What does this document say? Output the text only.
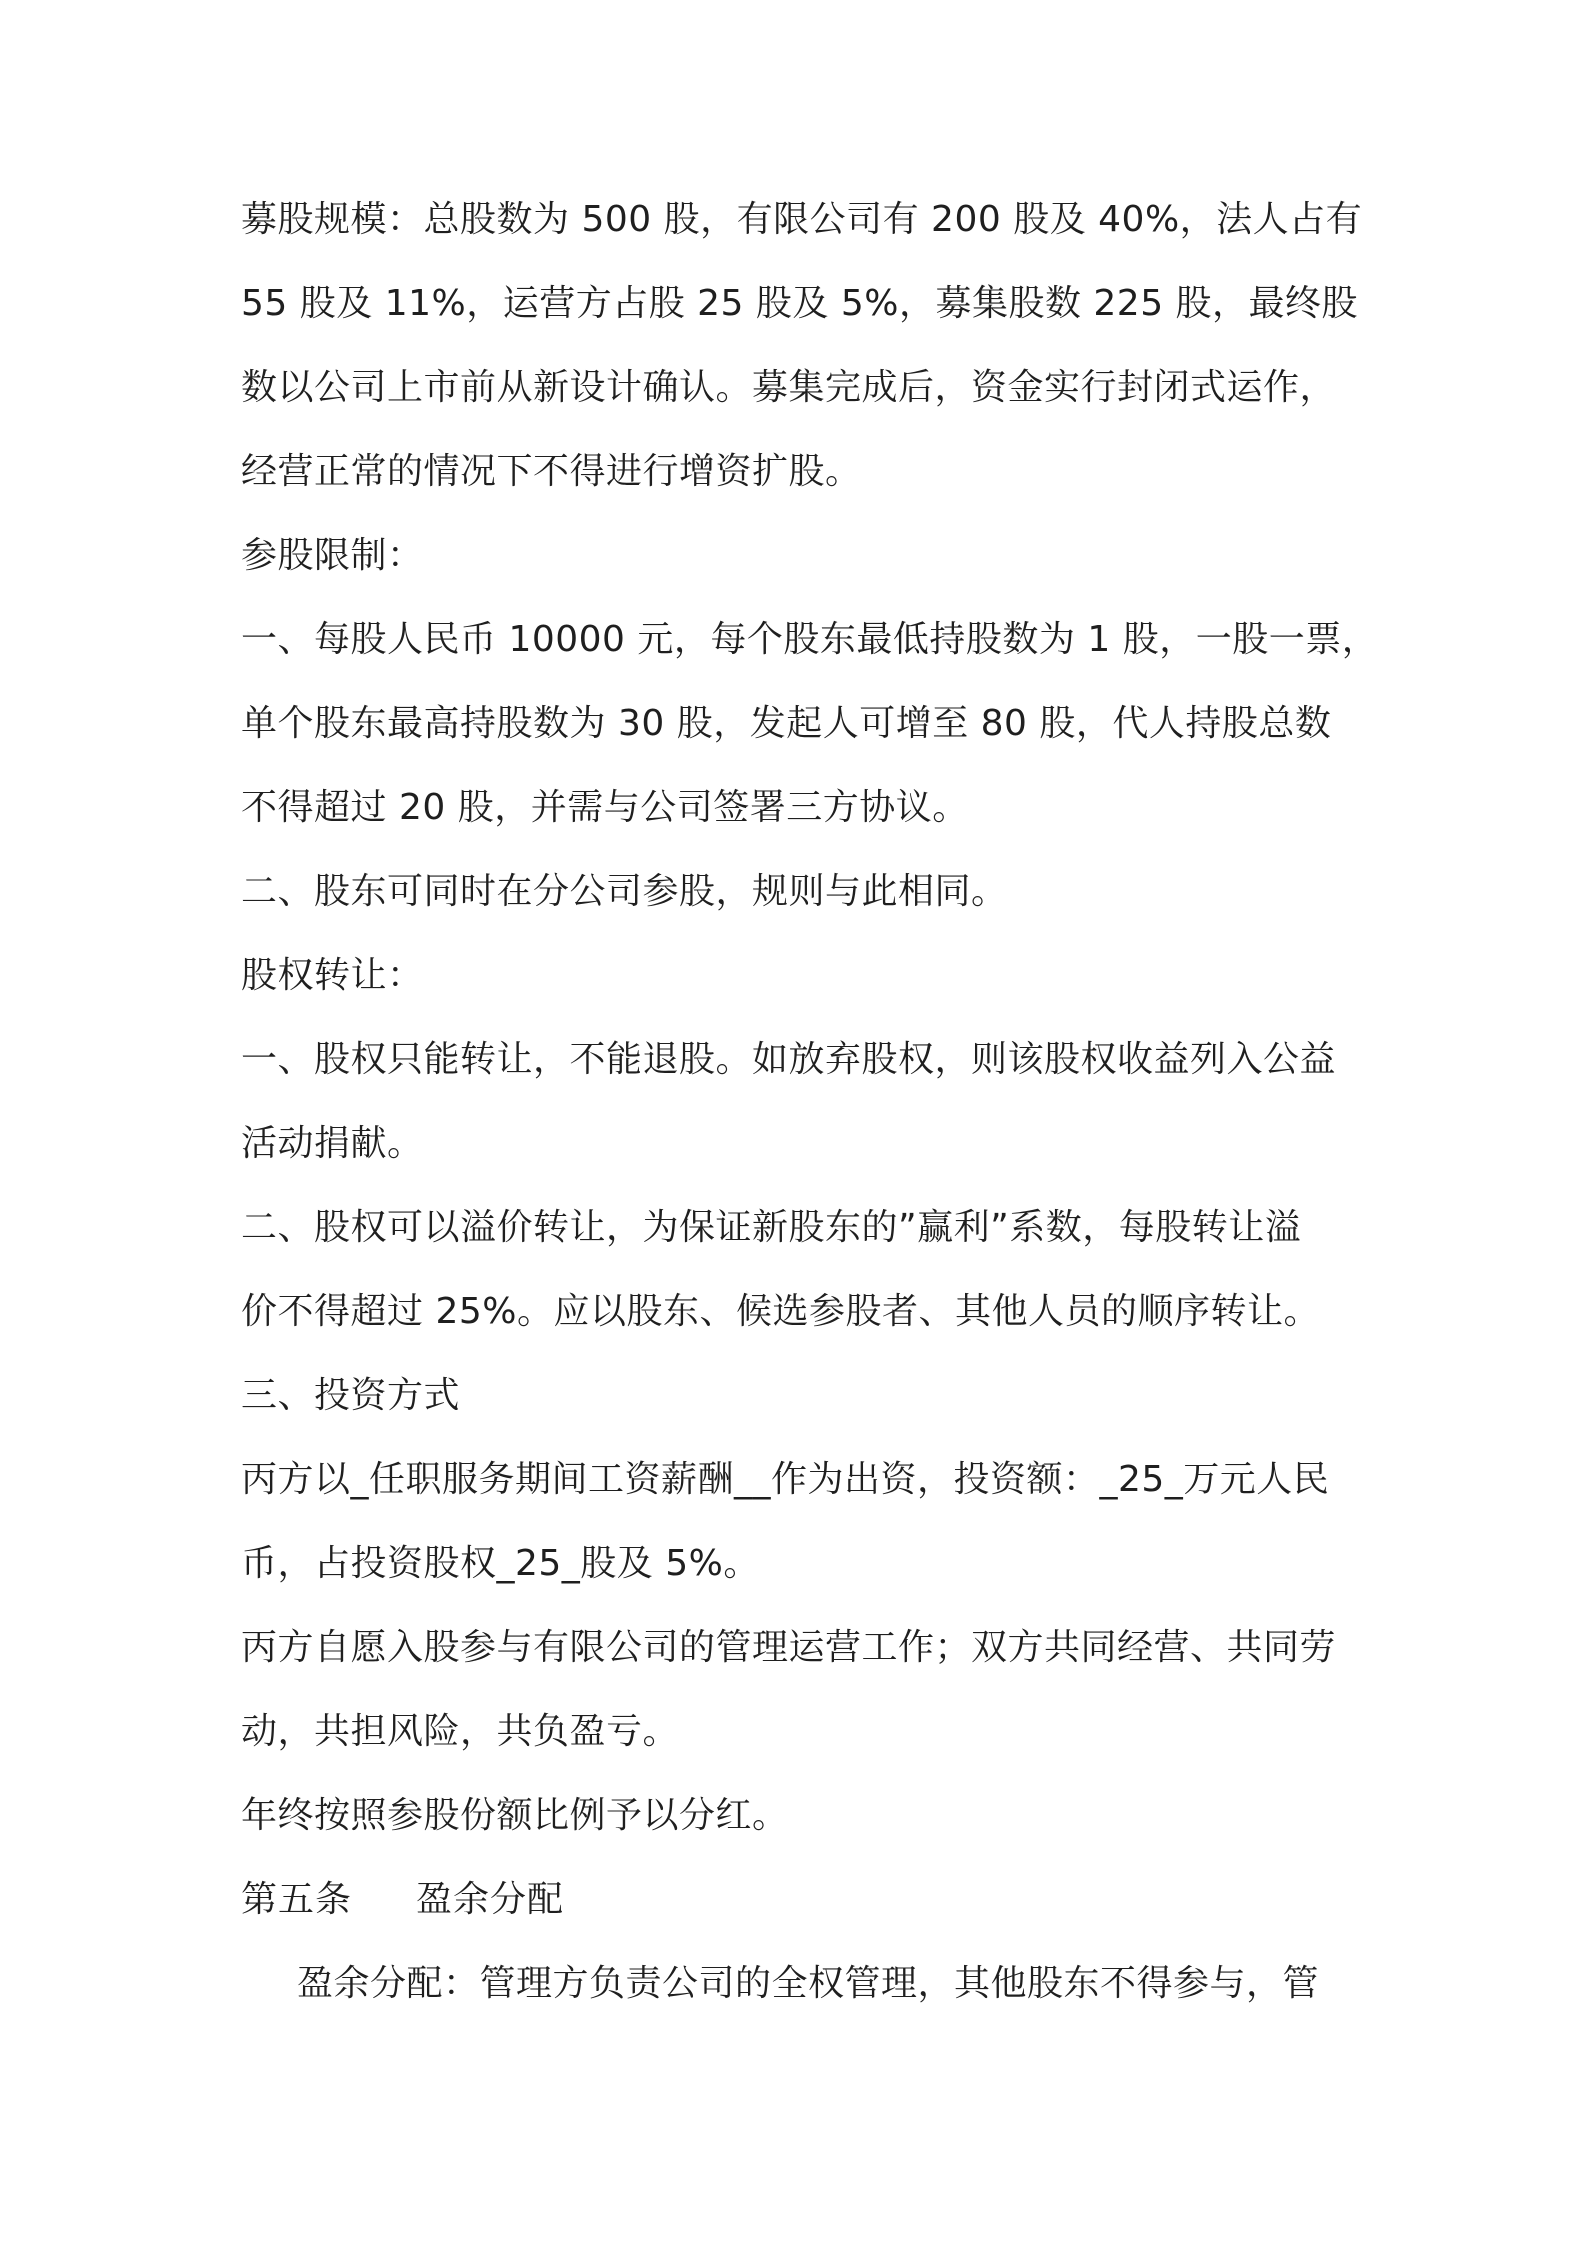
募股规模：总股数为 500 股，有限公司有 200 股及 40%，法人占有
55 股及 11%，运营方占股 25 股及 5%，募集股数 225 股，最终股
数以公司上市前从新设计确认。募集完成后，资金实行封闭式运作，
经营正常的情况下不得进行增资扩股。
参股限制：
一、每股人民币 10000 元，每个股东最低持股数为 1 股，一股一票，
单个股东最高持股数为 30 股，发起人可增至 80 股，代人持股总数
不得超过 20 股，并需与公司签署三方协议。
二、股东可同时在分公司参股，规则与此相同。
股权转让：
一、股权只能转让，不能退股。如放弃股权，则该股权收益列入公益
活动捐献。
二、股权可以溢价转让，为保证新股东的”赢利”系数，每股转让溢
价不得超过 25%。应以股东、候选参股者、其他人员的顺序转让。
三、投资方式
丙方以_任职服务期间工资薪酬__作为出资，投资额：_25_万元人民
币，占投资股权_25_股及 5%。
丙方自愿入股参与有限公司的管理运营工作；双方共同经营、共同劳
动，共担风险，共负盈亏。
年终按照参股份额比例予以分红。
第五条 盈余分配
盈余分配：管理方负责公司的全权管理，其他股东不得参与，管
